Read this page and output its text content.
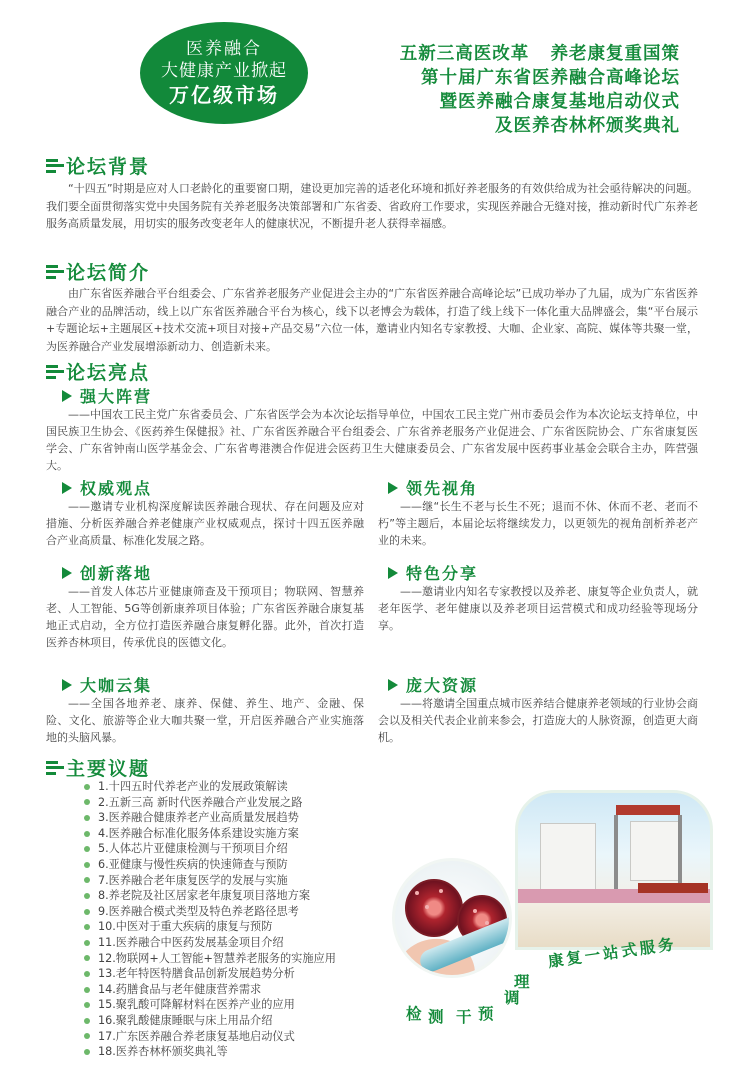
医养融合
大健康产业掀起
万亿级市场
五新三高医改革   养老康复重国策
第十届广东省医养融合高峰论坛
暨医养融合康复基地启动仪式
及医养杏林杯颁奖典礼
论坛背景

“十四五”时期是应对人口老龄化的重要窗口期，建设更加完善的适老化环境和抓好养老服务的有效供给成为社会亟待解决的问题。我们要全面贯彻落实党中央国务院有关养老服务决策部署和广东省委、省政府工作要求，实现医养融合无缝对接，推动新时代广东养老服务高质量发展，用切实的服务改变老年人的健康状况，不断提升老人获得幸福感。

论坛简介

由广东省医养融合平台组委会、广东省养老服务产业促进会主办的“广东省医养融合高峰论坛”已成功举办了九届，成为广东省医养融合产业的品牌活动，线上以广东省医养融合平台为核心，线下以老博会为载体，打造了线上线下一体化重大品牌盛会，集“平台展示+专题论坛+主题展区+技术交流+项目对接+产品交易”六位一体，邀请业内知名专家教授、大咖、企业家、高院、媒体等共聚一堂，为医养融合产业发展增添新动力、创造新未来。

论坛亮点
强大阵营

——中国农工民主党广东省委员会、广东省医学会为本次论坛指导单位，中国农工民主党广州市委员会作为本次论坛支持单位，中国民族卫生协会、《医药养生保健报》社、广东省医养融合平台组委会、广东省养老服务产业促进会、广东省医院协会、广东省康复医学会、广东省钟南山医学基金会、广东省粤港澳合作促进会医药卫生大健康委员会、广东省发展中医药事业基金会联合主办，阵营强大。

权威观点

——邀请专业机构深度解读医养融合现状、存在问题及应对措施、分析医养融合养老健康产业权威观点，探讨十四五医养融合产业高质量、标准化发展之路。

领先视角

——继“长生不老与长生不死；退而不休、休而不老、老而不朽”等主题后，本届论坛将继续发力，以更领先的视角剖析养老产业的未来。

创新落地

——首发人体芯片亚健康筛查及干预项目；物联网、智慧养老、人工智能、5G等创新康养项目体验；广东省医养融合康复基地正式启动，全方位打造医养融合康复孵化器。此外，首次打造医养杏林项目，传承优良的医德文化。

特色分享

——邀请业内知名专家教授以及养老、康复等企业负责人，就老年医学、老年健康以及养老项目运营模式和成功经验等现场分享。

大咖云集

——全国各地养老、康养、保健、养生、地产、金融、保险、文化、旅游等企业大咖共聚一堂，开启医养融合产业实施落地的头脑风暴。

庞大资源

——将邀请全国重点城市医养结合健康养老领域的行业协会商会以及相关代表企业前来参会，打造庞大的人脉资源，创造更大商机。

主要议题
1.十四五时代养老产业的发展政策解读
2.五新三高 新时代医养融合产业发展之路
3.医养融合健康养老产业高质量发展趋势
4.医养融合标准化服务体系建设实施方案
5.人体芯片亚健康检测与干预项目介绍
6.亚健康与慢性疾病的快速筛查与预防
7.医养融合老年康复医学的发展与实施
8.养老院及社区居家老年康复项目落地方案
9.医养融合模式类型及特色养老路径思考
10.中医对于重大疾病的康复与预防
11.医养融合中医药发展基金项目介绍
12.物联网+人工智能+智慧养老服务的实施应用
13.老年特医特膳食品创新发展趋势分析
14.药膳食品与老年健康营养需求
15.聚乳酸可降解材料在医养产业的应用
16.聚乳酸健康睡眠与床上用品介绍
17.广东医养融合养老康复基地启动仪式
18.医养杏林杯颁奖典礼等
康复一站式服务
检 测 干 预
调
理
